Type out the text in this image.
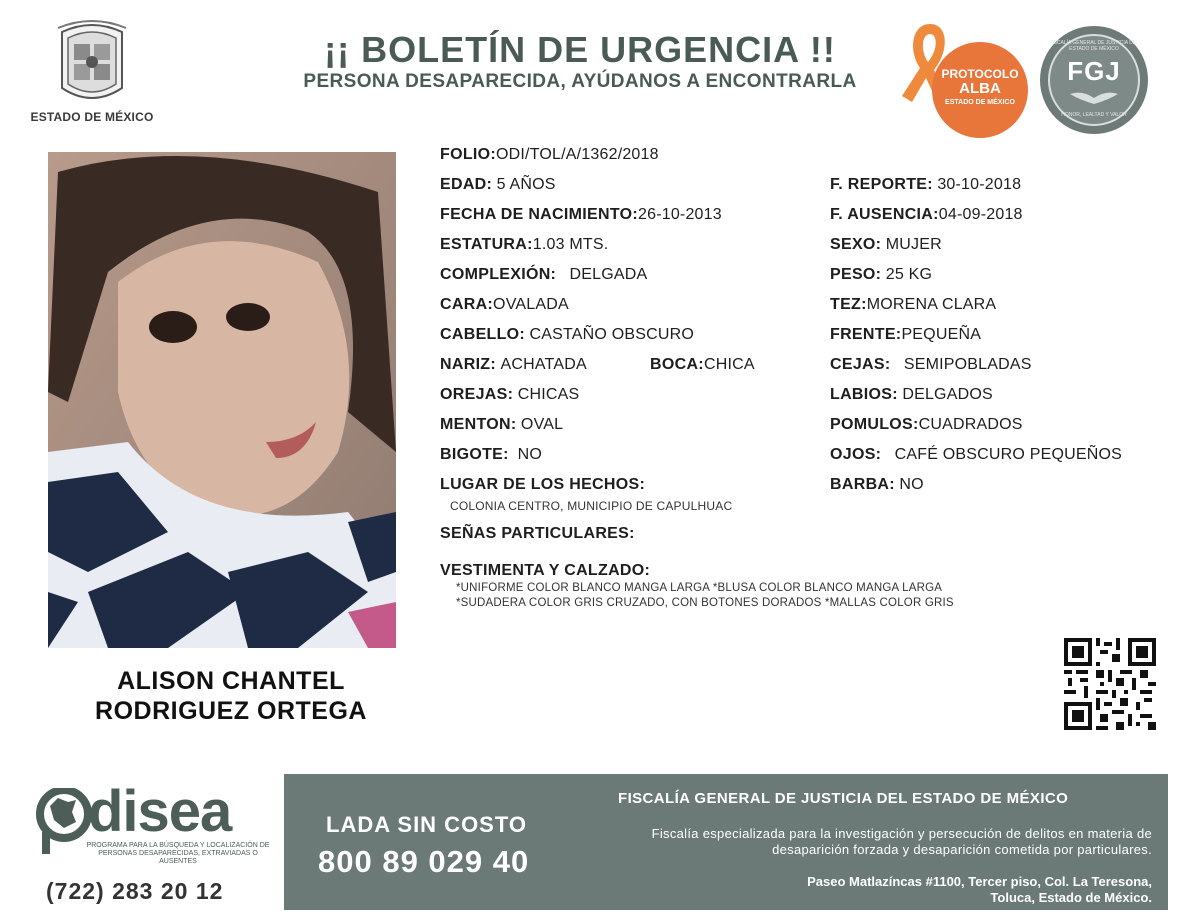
ESTADO DE MÉXICO
¡¡ BOLETÍN DE URGENCIA !!
PERSONA DESAPARECIDA, AYÚDANOS A ENCONTRARLA	PROTOCOLO
ALBA
ESTADO DE MÉXICO
FISCALÍA GENERAL DE JUSTICIA DEL ESTADO DE MÉXICO
FGJ
HONOR, LEALTAD Y VALOR
ALISON CHANTEL
RODRIGUEZ ORTEGA
FOLIO:ODI/TOL/A/1362/2018
EDAD: 5 AÑOS
FECHA DE NACIMIENTO:26-10-2013
ESTATURA:1.03 MTS.
COMPLEXIÓN: DELGADA
CARA:OVALADA
CABELLO: CASTAÑO OBSCURO
NARIZ: ACHATADA	BOCA:CHICA
OREJAS: CHICAS
MENTON: OVAL
BIGOTE: NO
LUGAR DE LOS HECHOS:
COLONIA CENTRO, MUNICIPIO DE CAPULHUAC
SEÑAS PARTICULARES:
VESTIMENTA Y CALZADO:
*UNIFORME COLOR BLANCO MANGA LARGA *BLUSA COLOR BLANCO MANGA LARGA
*SUDADERA COLOR GRIS CRUZADO, CON BOTONES DORADOS *MALLAS COLOR GRIS
F. REPORTE: 30-10-2018
F. AUSENCIA:04-09-2018
SEXO: MUJER
PESO: 25 KG
TEZ:MORENA CLARA
FRENTE:PEQUEÑA
CEJAS: SEMIPOBLADAS
LABIOS: DELGADOS
POMULOS:CUADRADOS
OJOS: CAFÉ OBSCURO PEQUEÑOS
BARBA: NO
disea
PROGRAMA PARA LA BÚSQUEDA Y LOCALIZACIÓN DE PERSONAS DESAPARECIDAS, EXTRAVIADAS O AUSENTES
(722) 283 20 12
LADA SIN COSTO
800 89 029 40
FISCALÍA GENERAL DE JUSTICIA DEL ESTADO DE MÉXICO
Fiscalía especializada para la investigación y persecución de delitos en materia de desaparición forzada y desaparición cometida por particulares.
Paseo Matlazíncas #1100, Tercer piso, Col. La Teresona,
Toluca, Estado de México.
